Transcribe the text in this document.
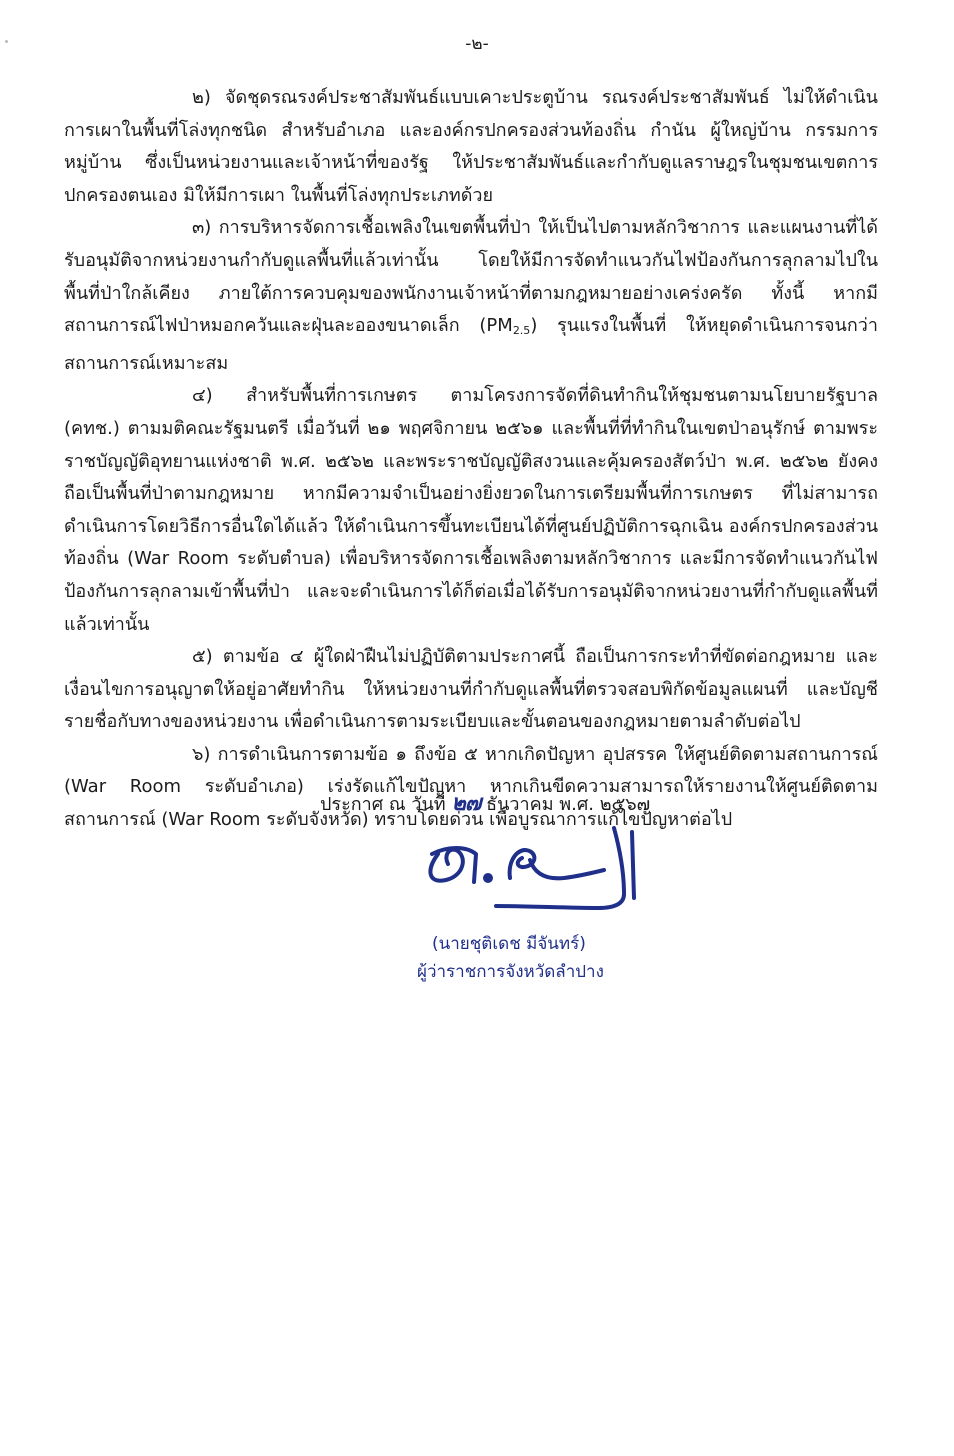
-๒-

๒) จัดชุดรณรงค์ประชาสัมพันธ์แบบเคาะประตูบ้าน รณรงค์ประชาสัมพันธ์ ไม่ให้ดำเนินการเผาในพื้นที่โล่งทุกชนิด สำหรับอำเภอ และองค์กรปกครองส่วนท้องถิ่น กำนัน ผู้ใหญ่บ้าน กรรมการหมู่บ้าน ซึ่งเป็นหน่วยงานและเจ้าหน้าที่ของรัฐ ให้ประชาสัมพันธ์และกำกับดูแลราษฎรในชุมชนเขตการปกครองตนเอง มิให้มีการเผา ในพื้นที่โล่งทุกประเภทด้วย

๓) การบริหารจัดการเชื้อเพลิงในเขตพื้นที่ป่า ให้เป็นไปตามหลักวิชาการ และแผนงานที่ได้รับอนุมัติจากหน่วยงานกำกับดูแลพื้นที่แล้วเท่านั้น โดยให้มีการจัดทำแนวกันไฟป้องกันการลุกลามไปในพื้นที่ป่าใกล้เคียง ภายใต้การควบคุมของพนักงานเจ้าหน้าที่ตามกฎหมายอย่างเคร่งครัด ทั้งนี้ หากมีสถานการณ์ไฟป่าหมอกควันและฝุ่นละอองขนาดเล็ก $(PM_{2.5})$ รุนแรงในพื้นที่ ให้หยุดดำเนินการจนกว่าสถานการณ์เหมาะสม

๔) สำหรับพื้นที่การเกษตร ตามโครงการจัดที่ดินทำกินให้ชุมชนตามนโยบายรัฐบาล (คทช.) ตามมติคณะรัฐมนตรี เมื่อวันที่ ๒๑ พฤศจิกายน ๒๕๖๑ และพื้นที่ที่ทำกินในเขตป่าอนุรักษ์ ตามพระราชบัญญัติอุทยานแห่งชาติ พ.ศ. ๒๕๖๒ และพระราชบัญญัติสงวนและคุ้มครองสัตว์ป่า พ.ศ. ๒๕๖๒ ยังคงถือเป็นพื้นที่ป่าตามกฎหมาย หากมีความจำเป็นอย่างยิ่งยวดในการเตรียมพื้นที่การเกษตร ที่ไม่สามารถดำเนินการโดยวิธีการอื่นใดได้แล้ว ให้ดำเนินการขึ้นทะเบียนได้ที่ศูนย์ปฏิบัติการฉุกเฉิน องค์กรปกครองส่วนท้องถิ่น (War Room ระดับตำบล) เพื่อบริหารจัดการเชื้อเพลิงตามหลักวิชาการ และมีการจัดทำแนวกันไฟป้องกันการลุกลามเข้าพื้นที่ป่า และจะดำเนินการได้ก็ต่อเมื่อได้รับการอนุมัติจากหน่วยงานที่กำกับดูแลพื้นที่แล้วเท่านั้น

๕) ตามข้อ ๔ ผู้ใดฝ่าฝืนไม่ปฏิบัติตามประกาศนี้ ถือเป็นการกระทำที่ขัดต่อกฎหมาย และเงื่อนไขการอนุญาตให้อยู่อาศัยทำกิน ให้หน่วยงานที่กำกับดูแลพื้นที่ตรวจสอบพิกัดข้อมูลแผนที่ และบัญชีรายชื่อกับทางของหน่วยงาน เพื่อดำเนินการตามระเบียบและขั้นตอนของกฎหมายตามลำดับต่อไป

๖) การดำเนินการตามข้อ ๑ ถึงข้อ ๕ หากเกิดปัญหา อุปสรรค ให้ศูนย์ติดตามสถานการณ์ (War Room ระดับอำเภอ) เร่งรัดแก้ไขปัญหา หากเกินขีดความสามารถให้รายงานให้ศูนย์ติดตามสถานการณ์ (War Room ระดับจังหวัด) ทราบโดยด่วน เพื่อบูรณาการแก้ไขปัญหาต่อไป

ประกาศ ณ วันที่ ๒๗ ธันวาคม พ.ศ. ๒๕๖๗
(นายชุติเดช มีจันทร์)
ผู้ว่าราชการจังหวัดลำปาง
